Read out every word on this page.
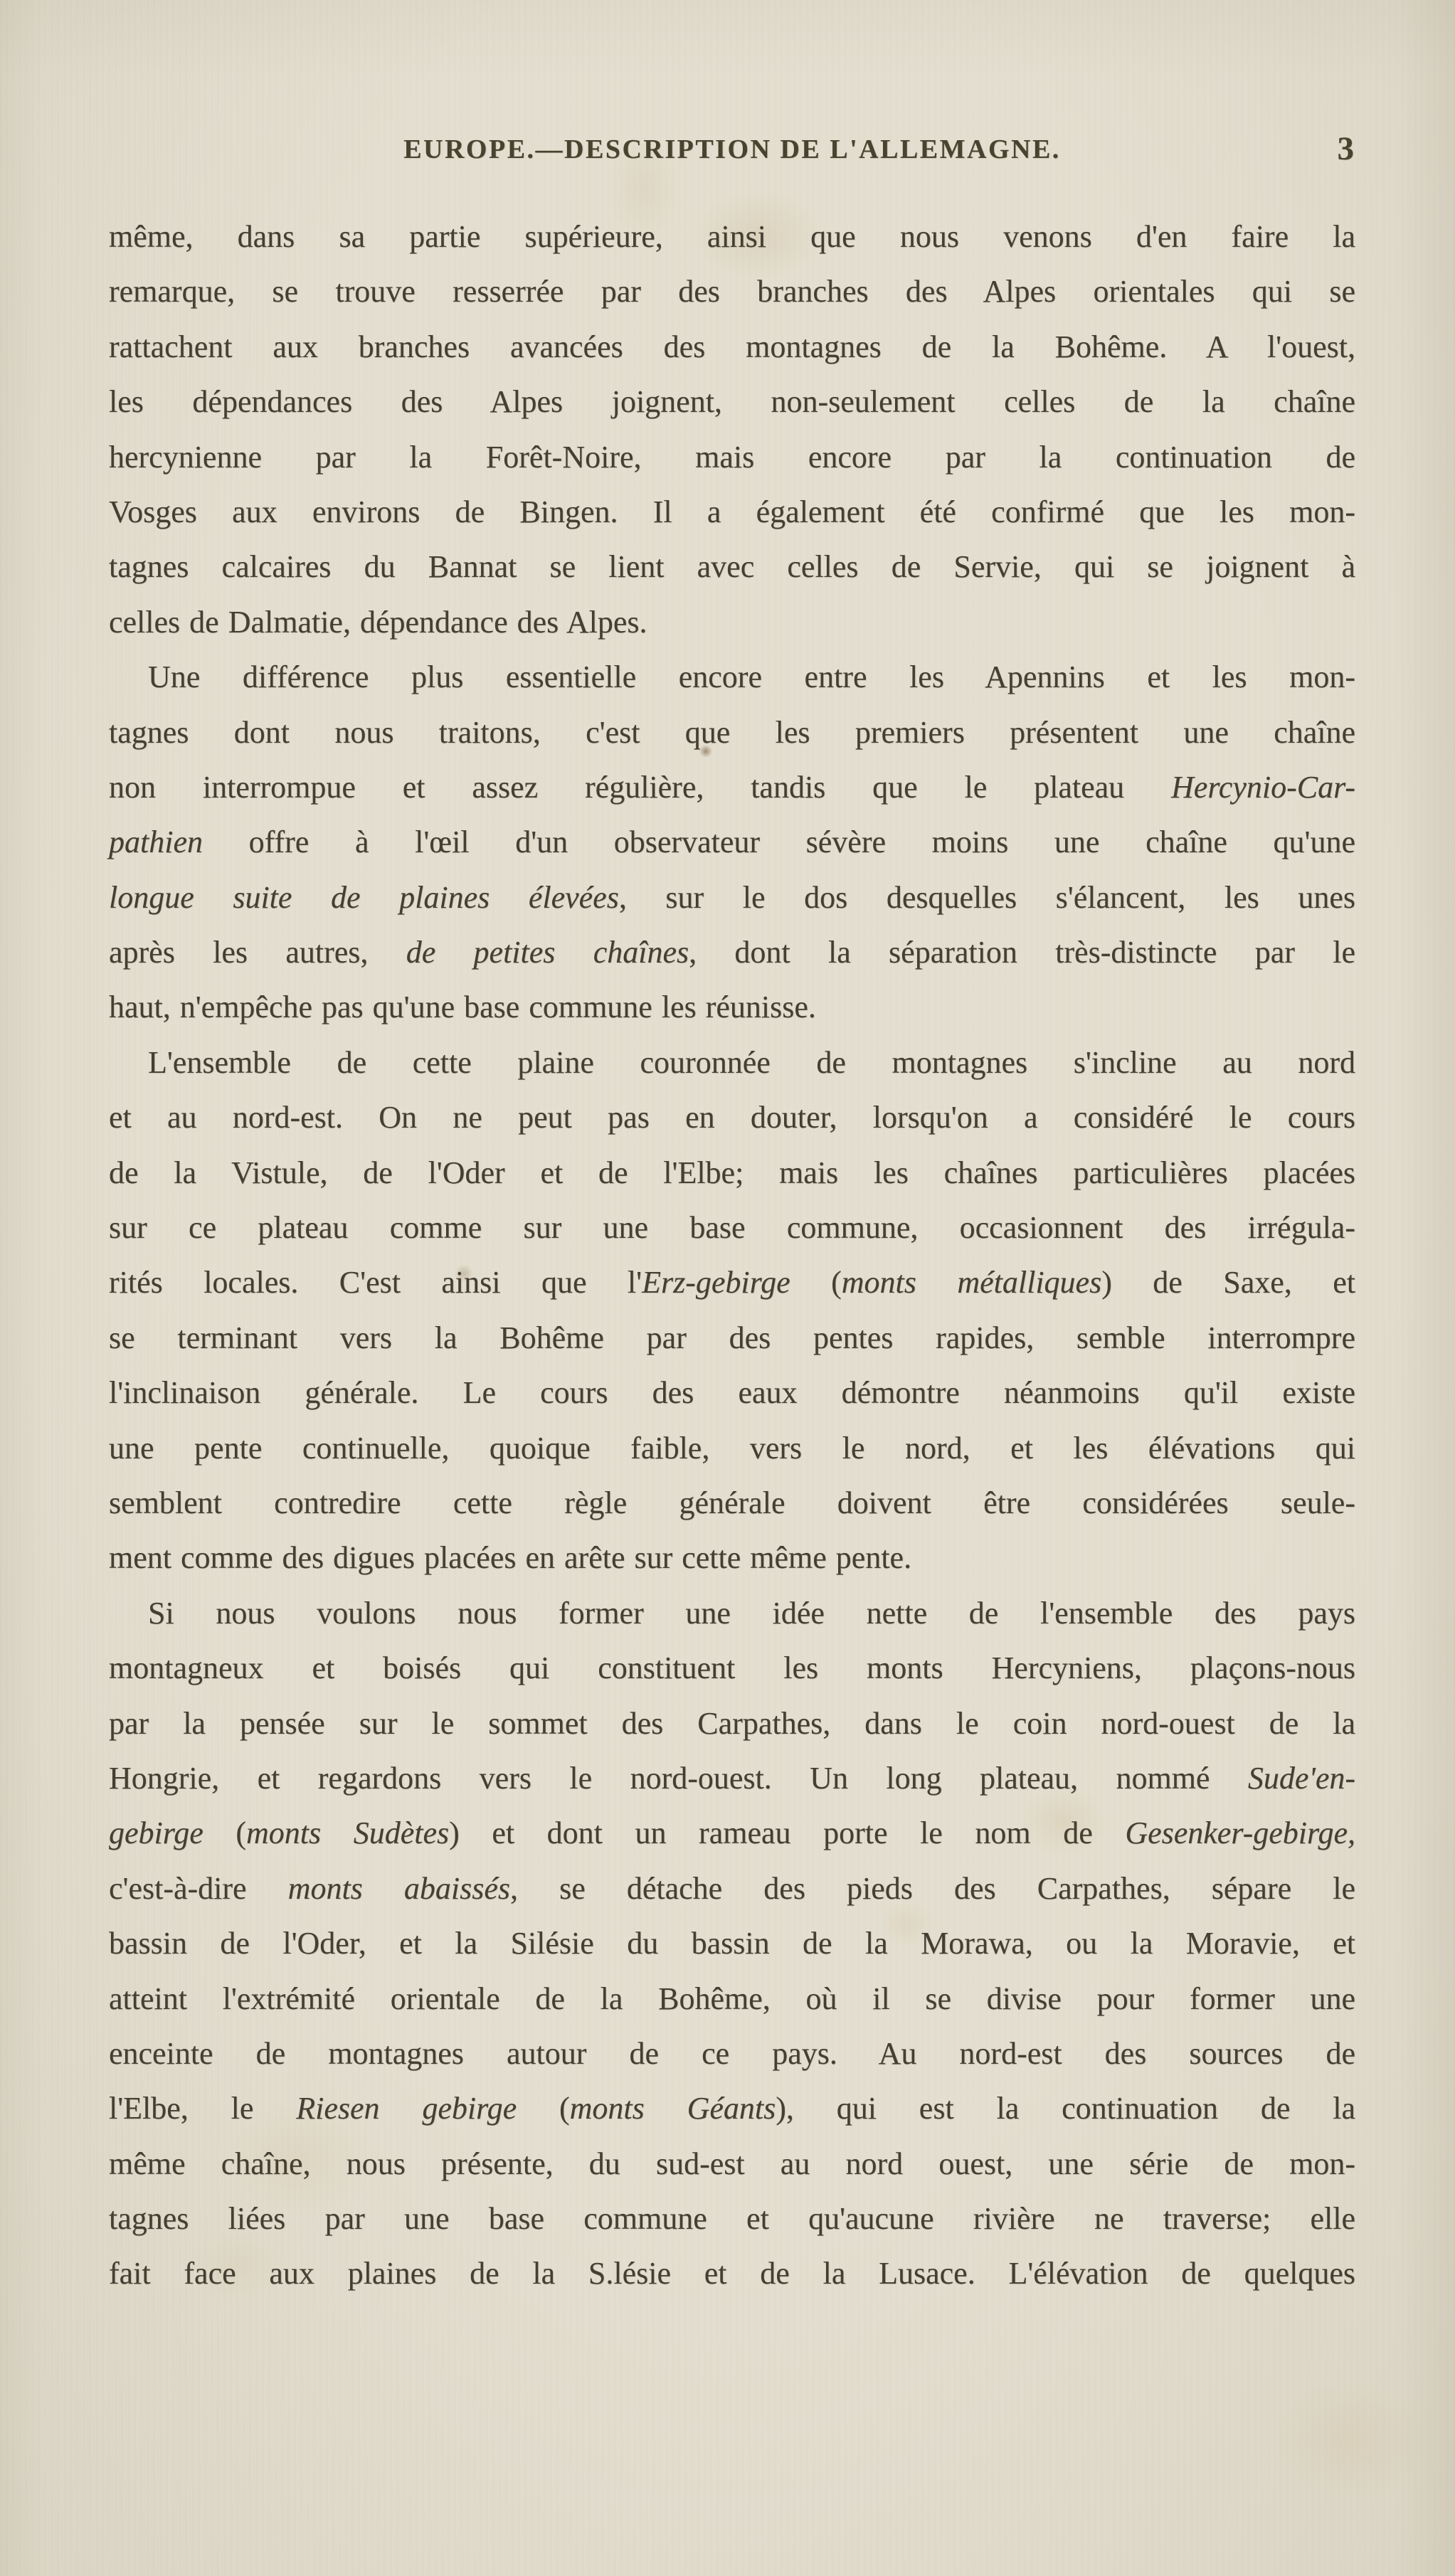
EUROPE.—DESCRIPTION DE L'ALLEMAGNE.	3
même, dans sa partie supérieure, ainsi que nous venons d'en faire la
remarque, se trouve resserrée par des branches des Alpes orientales qui se
rattachent aux branches avancées des montagnes de la Bohême. A l'ouest,
les dépendances des Alpes joignent, non-seulement celles de la chaîne
hercynienne par la Forêt-Noire, mais encore par la continuation de
Vosges aux environs de Bingen. Il a également été confirmé que les mon-
tagnes calcaires du Bannat se lient avec celles de Servie, qui se joignent à
celles de Dalmatie, dépendance des Alpes.
Une différence plus essentielle encore entre les Apennins et les mon-
tagnes dont nous traitons, c'est que les premiers présentent une chaîne
non interrompue et assez régulière, tandis que le plateau Hercynio-Car-
pathien offre à l'œil d'un observateur sévère moins une chaîne qu'une
longue suite de plaines élevées, sur le dos desquelles s'élancent, les unes
après les autres, de petites chaînes, dont la séparation très-distincte par le
haut, n'empêche pas qu'une base commune les réunisse.
L'ensemble de cette plaine couronnée de montagnes s'incline au nord
et au nord-est. On ne peut pas en douter, lorsqu'on a considéré le cours
de la Vistule, de l'Oder et de l'Elbe; mais les chaînes particulières placées
sur ce plateau comme sur une base commune, occasionnent des irrégula-
rités locales. C'est ainsi que l'Erz-gebirge (monts métalliques) de Saxe, et
se terminant vers la Bohême par des pentes rapides, semble interrompre
l'inclinaison générale. Le cours des eaux démontre néanmoins qu'il existe
une pente continuelle, quoique faible, vers le nord, et les élévations qui
semblent contredire cette règle générale doivent être considérées seule-
ment comme des digues placées en arête sur cette même pente.
Si nous voulons nous former une idée nette de l'ensemble des pays
montagneux et boisés qui constituent les monts Hercyniens, plaçons-nous
par la pensée sur le sommet des Carpathes, dans le coin nord-ouest de la
Hongrie, et regardons vers le nord-ouest. Un long plateau, nommé Sude'en-
gebirge (monts Sudètes) et dont un rameau porte le nom de Gesenker-gebirge,
c'est-à-dire monts abaissés, se détache des pieds des Carpathes, sépare le
bassin de l'Oder, et la Silésie du bassin de la Morawa, ou la Moravie, et
atteint l'extrémité orientale de la Bohême, où il se divise pour former une
enceinte de montagnes autour de ce pays. Au nord-est des sources de
l'Elbe, le Riesen gebirge (monts Géants), qui est la continuation de la
même chaîne, nous présente, du sud-est au nord ouest, une série de mon-
tagnes liées par une base commune et qu'aucune rivière ne traverse; elle
fait face aux plaines de la S.lésie et de la Lusace. L'élévation de quelques
